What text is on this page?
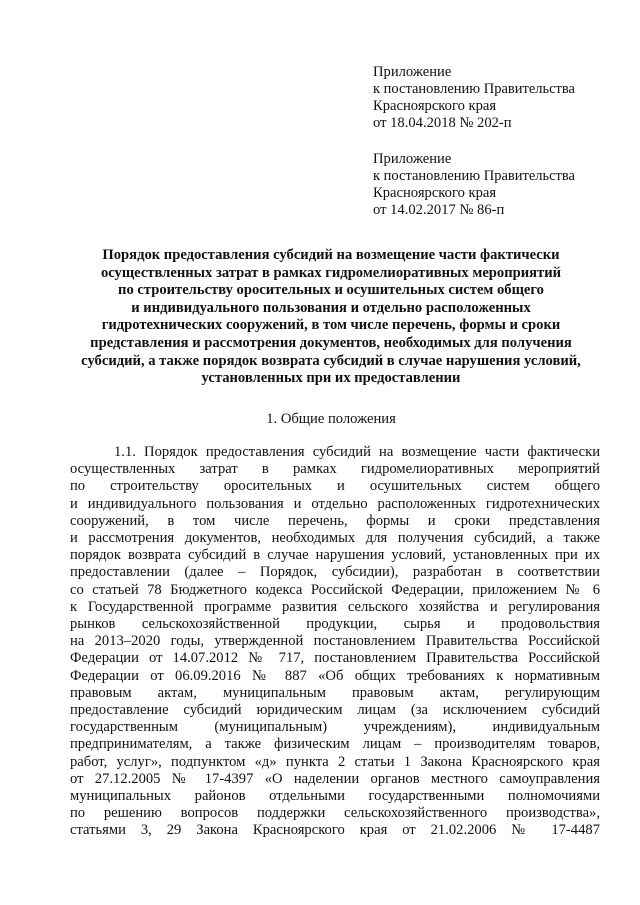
Приложение
к постановлению Правительства
Красноярского края
от 18.04.2018 № 202-п
Приложение
к постановлению Правительства
Красноярского края
от 14.02.2017 № 86-п
Порядок предоставления субсидий на возмещение части фактически
осуществленных затрат в рамках гидромелиоративных мероприятий
по строительству оросительных и осушительных систем общего
и индивидуального пользования и отдельно расположенных
гидротехнических сооружений, в том числе перечень, формы и сроки
представления и рассмотрения документов, необходимых для получения
субсидий, а также порядок возврата субсидий в случае нарушения условий,
установленных при их предоставлении
1. Общие положения
1.1. Порядок предоставления субсидий на возмещение части фактически
осуществленных затрат в рамках гидромелиоративных мероприятий
по строительству оросительных и осушительных систем общего
и индивидуального пользования и отдельно расположенных гидротехнических
сооружений, в том числе перечень, формы и сроки представления
и рассмотрения документов, необходимых для получения субсидий, а также
порядок возврата субсидий в случае нарушения условий, установленных при их
предоставлении (далее – Порядок, субсидии), разработан в соответствии
со статьей 78 Бюджетного кодекса Российской Федерации, приложением № 6
к Государственной программе развития сельского хозяйства и регулирования
рынков сельскохозяйственной продукции, сырья и продовольствия
на 2013–2020 годы, утвержденной постановлением Правительства Российской
Федерации от 14.07.2012 № 717, постановлением Правительства Российской
Федерации от 06.09.2016 № 887 «Об общих требованиях к нормативным
правовым актам, муниципальным правовым актам, регулирующим
предоставление субсидий юридическим лицам (за исключением субсидий
государственным (муниципальным) учреждениям), индивидуальным
предпринимателям, а также физическим лицам – производителям товаров,
работ, услуг», подпунктом «д» пункта 2 статьи 1 Закона Красноярского края
от 27.12.2005 № 17-4397 «О наделении органов местного самоуправления
муниципальных районов отдельными государственными полномочиями
по решению вопросов поддержки сельскохозяйственного производства»,
статьями 3, 29 Закона Красноярского края от 21.02.2006 № 17-4487
